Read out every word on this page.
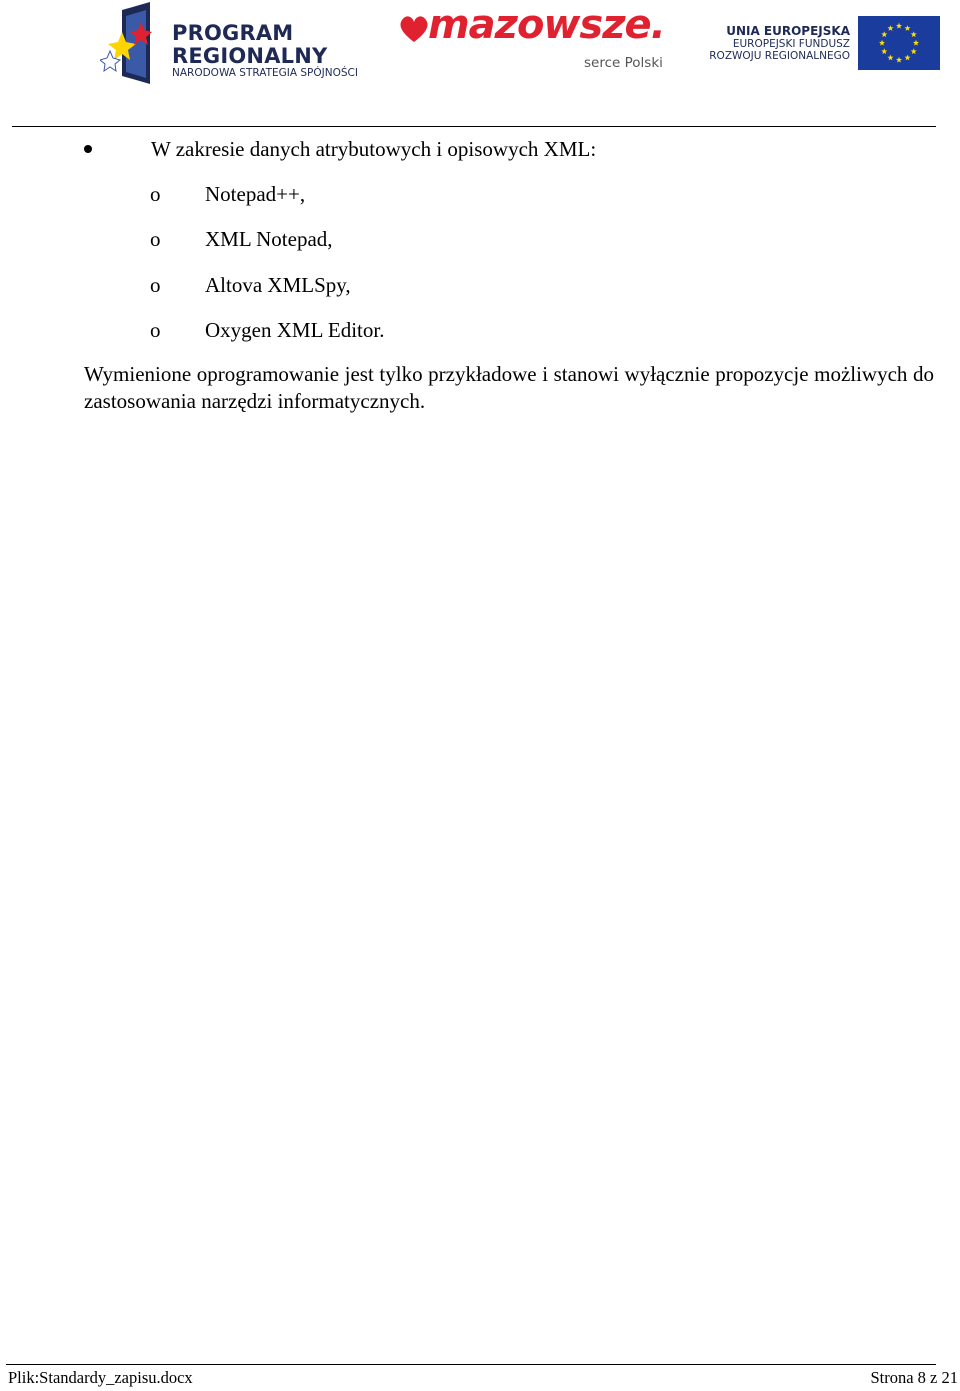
PROGRAM
REGIONALNY
NARODOWA STRATEGIA SPÓJNOŚCI
mazowsze.
serce Polski
UNIA EUROPEJSKA
EUROPEJSKI FUNDUSZ
ROZWOJU REGIONALNEGO
W zakresie danych atrybutowych i opisowych XML:
o Notepad++,
o XML Notepad,
o Altova XMLSpy,
o Oxygen XML Editor.

Wymienione oprogramowanie jest tylko przykładowe i stanowi wyłącznie propozycje możliwych do zastosowania narzędzi informatycznych.

Plik:Standardy_zapisu.docx	Strona 8 z 21
